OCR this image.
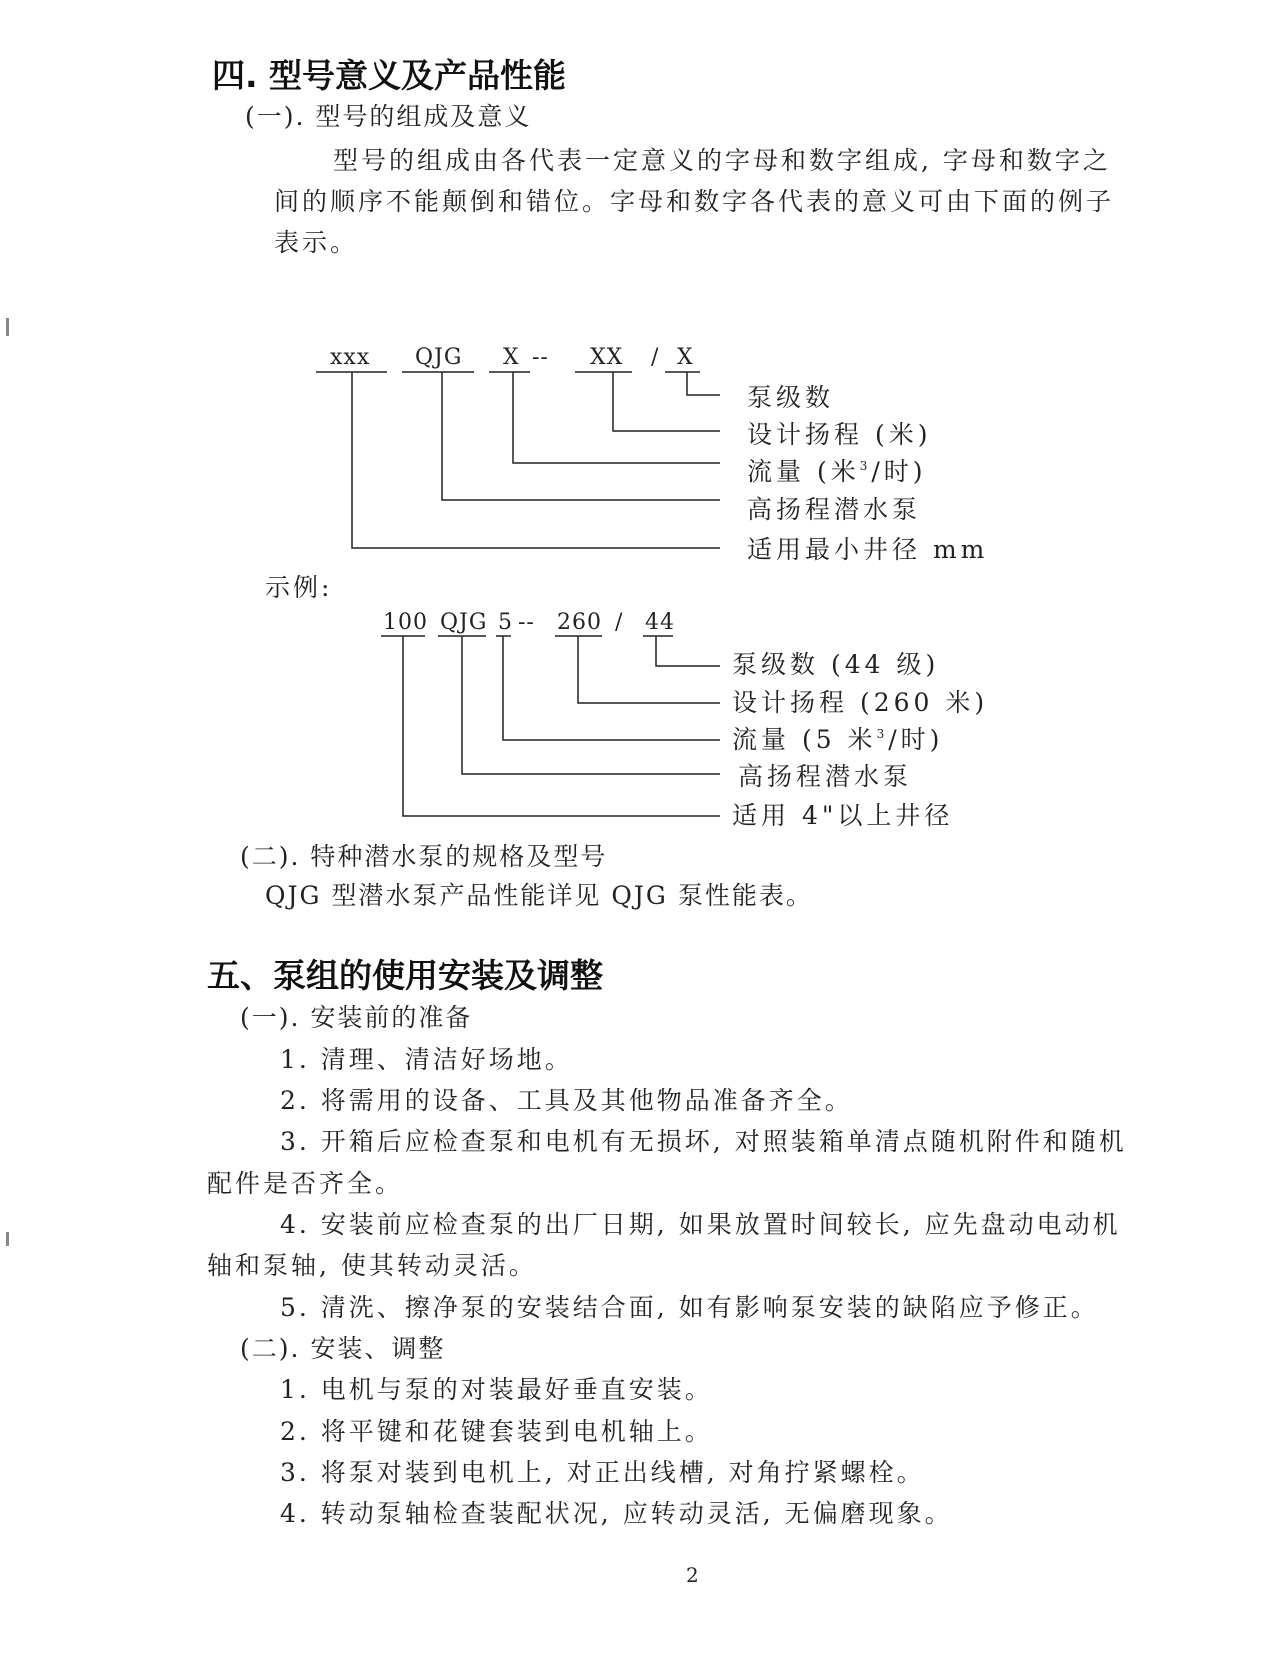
四. 型号意义及产品性能
(一). 型号的组成及意义
型号的组成由各代表一定意义的字母和数字组成, 字母和数字之
间的顺序不能颠倒和错位。字母和数字各代表的意义可由下面的例子
表示。
xxx QJG X -- XX / X
泵级数
设计扬程 (米)
流量 (米$^3$/时)
高扬程潜水泵
适用最小井径 mm
示例:
100 QJG 5 -- 260 / 44
泵级数 (44 级)
设计扬程 (260 米)
流量 (5 米$^3$/时)
高扬程潜水泵
适用 4"以上井径
(二). 特种潜水泵的规格及型号
QJG 型潜水泵产品性能详见 QJG 泵性能表。
五、泵组的使用安装及调整
(一). 安装前的准备
1. 清理、清洁好场地。
2. 将需用的设备、工具及其他物品准备齐全。
3. 开箱后应检查泵和电机有无损坏, 对照装箱单清点随机附件和随机
配件是否齐全。
4. 安装前应检查泵的出厂日期, 如果放置时间较长, 应先盘动电动机
轴和泵轴, 使其转动灵活。
5. 清洗、擦净泵的安装结合面, 如有影响泵安装的缺陷应予修正。
(二). 安装、调整
1. 电机与泵的对装最好垂直安装。
2. 将平键和花键套装到电机轴上。
3. 将泵对装到电机上, 对正出线槽, 对角拧紧螺栓。
4. 转动泵轴检查装配状况, 应转动灵活, 无偏磨现象。
2
